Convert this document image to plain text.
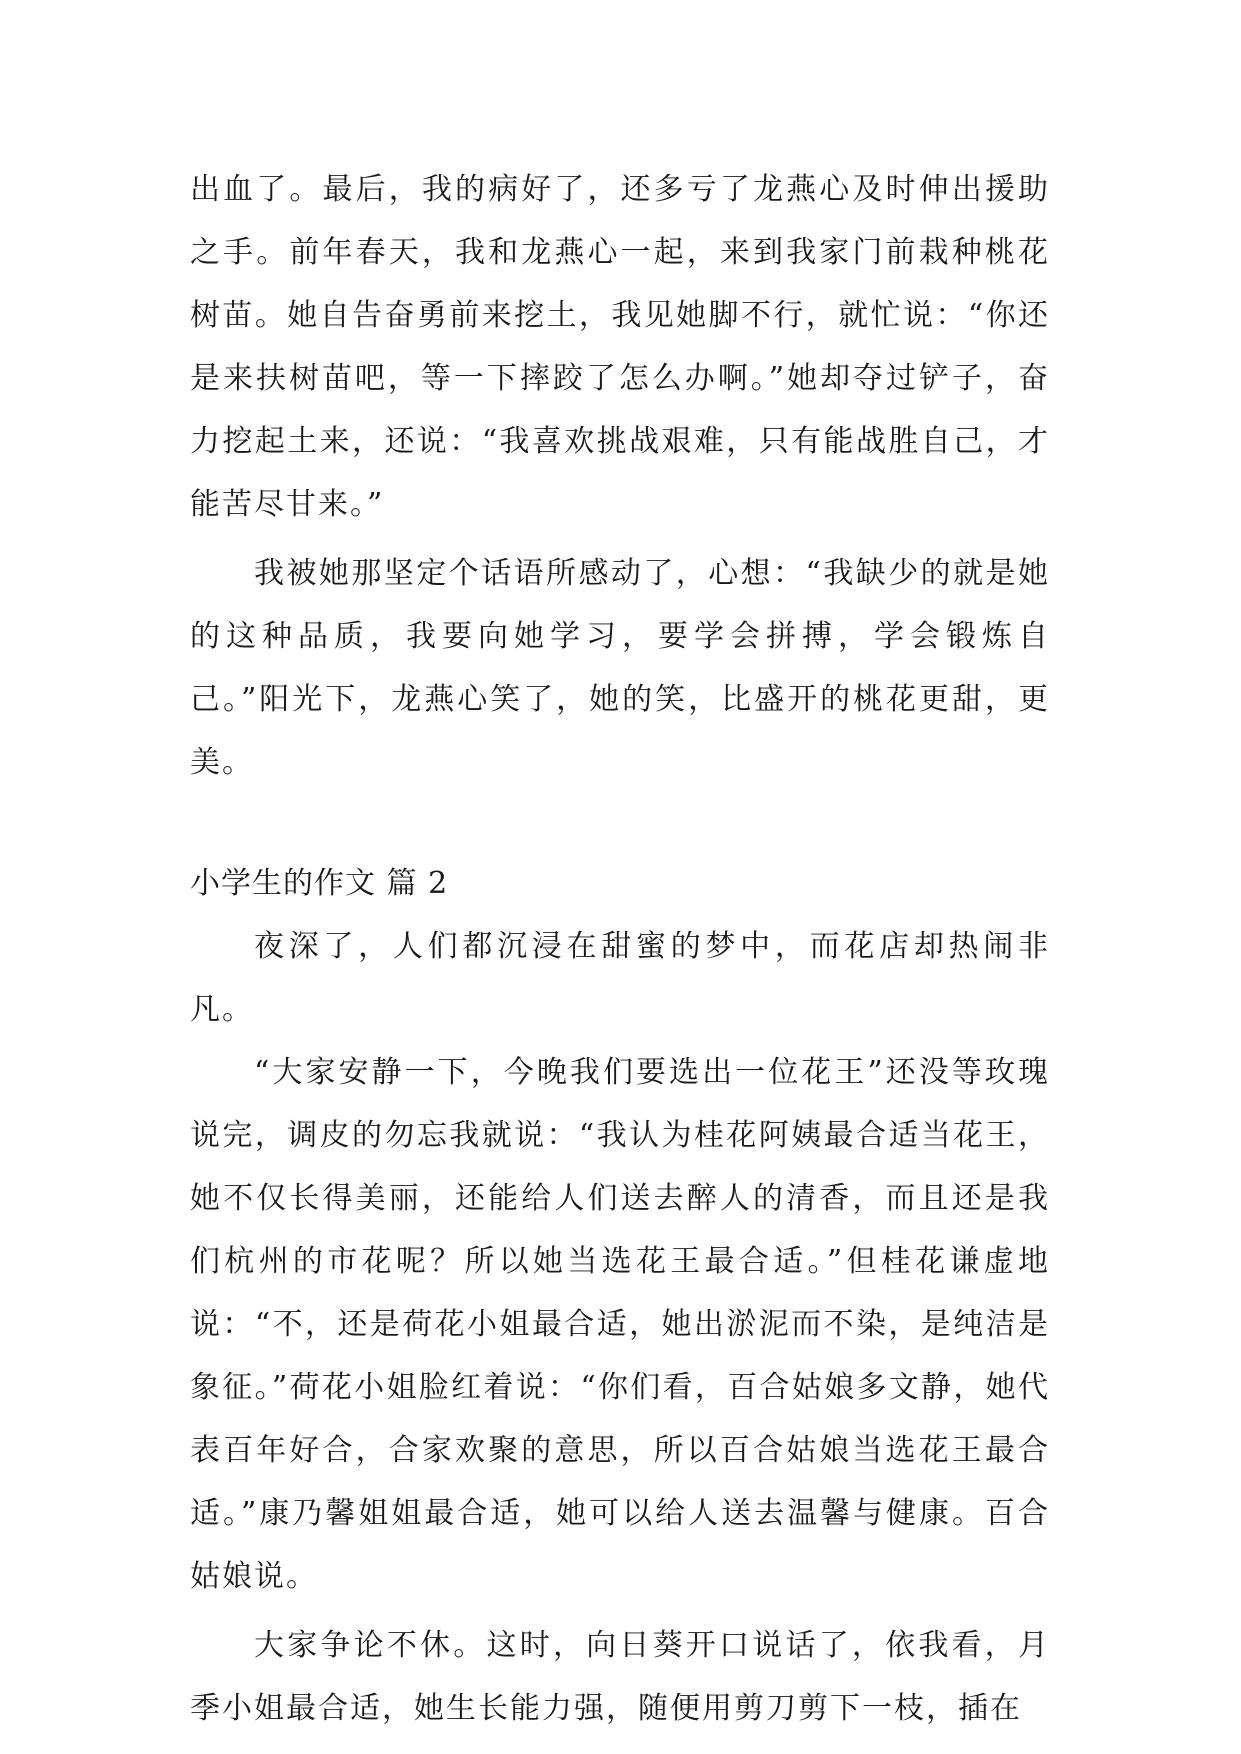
出血了。最后，我的病好了，还多亏了龙燕心及时伸出援助之手。前年春天，我和龙燕心一起，来到我家门前栽种桃花树苗。她自告奋勇前来挖土，我见她脚不行，就忙说：“你还是来扶树苗吧，等一下摔跤了怎么办啊。”她却夺过铲子，奋力挖起土来，还说：“我喜欢挑战艰难，只有能战胜自己，才能苦尽甘来。”

我被她那坚定个话语所感动了，心想：“我缺少的就是她的这种品质，我要向她学习，要学会拼搏，学会锻炼自己。”阳光下，龙燕心笑了，她的笑，比盛开的桃花更甜，更美。

小学生的作文 篇 2

夜深了，人们都沉浸在甜蜜的梦中，而花店却热闹非凡。

“大家安静一下，今晚我们要选出一位花王”还没等玫瑰说完，调皮的勿忘我就说：“我认为桂花阿姨最合适当花王，她不仅长得美丽，还能给人们送去醉人的清香，而且还是我们杭州的市花呢？所以她当选花王最合适。”但桂花谦虚地说：“不，还是荷花小姐最合适，她出淤泥而不染，是纯洁是象征。”荷花小姐脸红着说：“你们看，百合姑娘多文静，她代表百年好合，合家欢聚的意思，所以百合姑娘当选花王最合适。”康乃馨姐姐最合适，她可以给人送去温馨与健康。百合姑娘说。

大家争论不休。这时，向日葵开口说话了，依我看，月季小姐最合适，她生长能力强，随便用剪刀剪下一枝，插在
